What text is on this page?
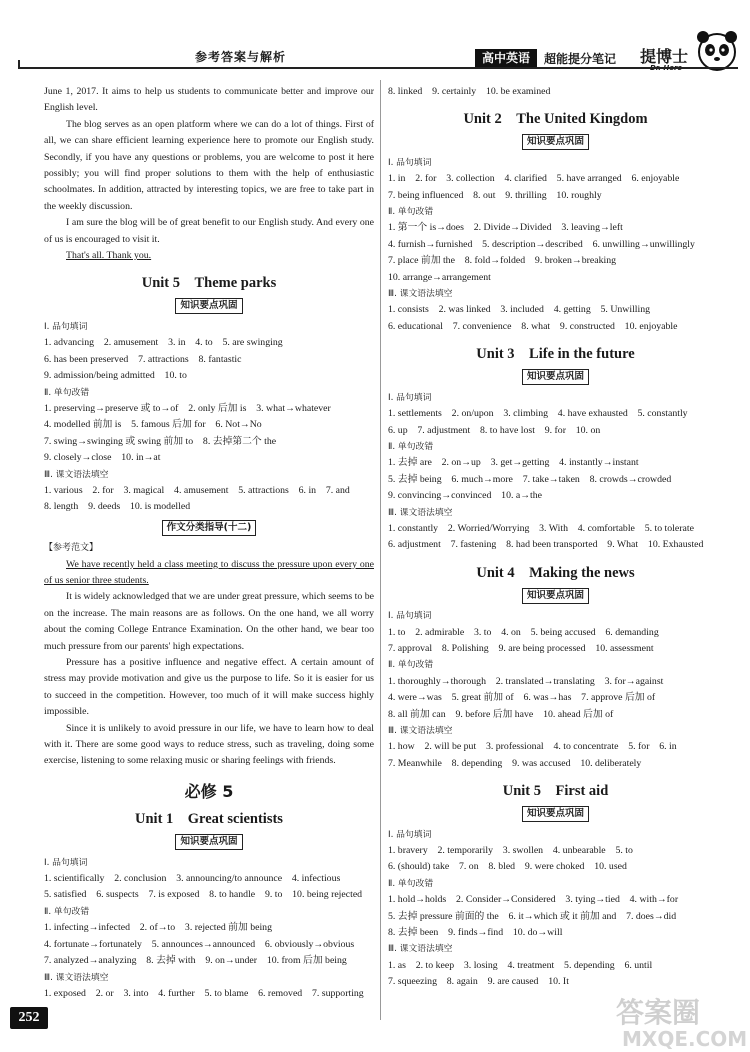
参考答案与解析	高中英语	超能提分笔记 提博士

June 1, 2017. It aims to help us students to communicate better and improve our English level.

The blog serves as an open platform where we can do a lot of things. First of all, we can share efficient learning experience here to promote our English study. Secondly, if you have any questions or problems, you are welcome to post it here possibly; you will find proper solutions to them with the help of enthusiastic schoolmates. In addition, attracted by interesting topics, we are free to take part in the weekly discussion.

I am sure the blog will be of great benefit to our English study. And every one of us is encouraged to visit it.

That's all. Thank you.

Unit 5　Theme parks
知识要点巩固
Ⅰ. 品句填词
1. advancing　2. amusement　3. in　4. to　5. are swinging
6. has been preserved　7. attractions　8. fantastic
9. admission/being admitted　10. to
Ⅱ. 单句改错
1. preserving→preserve 或 to→of　2. only 后加 is　3. what→whatever
4. modelled 前加 is　5. famous 后加 for　6. Not→No
7. swing→swinging 或 swing 前加 to　8. 去掉第二个 the
9. closely→close　10. in→at
Ⅲ. 课文语法填空
1. various　2. for　3. magical　4. amusement　5. attractions　6. in　7. and
8. length　9. deeds　10. is modelled
作文分类指导(十二)
【参考范文】

We have recently held a class meeting to discuss the pressure upon every one of us senior three students.

It is widely acknowledged that we are under great pressure, which seems to be on the increase. The main reasons are as follows. On the one hand, we all worry about the coming College Entrance Examination. On the other hand, we bear too much pressure from our parents' high expectations.

Pressure has a positive influence and negative effect. A certain amount of stress may provide motivation and give us the purpose to life. So it is easier for us to succeed in the competition. However, too much of it will make success highly impossible.

Since it is unlikely to avoid pressure in our life, we have to learn how to deal with it. There are some good ways to reduce stress, such as traveling, doing some exercise, listening to some relaxing music or sharing feelings with friends.

必修 5
Unit 1　Great scientists
知识要点巩固
Ⅰ. 品句填词
1. scientifically　2. conclusion　3. announcing/to announce　4. infectious
5. satisfied　6. suspects　7. is exposed　8. to handle　9. to　10. being rejected
Ⅱ. 单句改错
1. infecting→infected　2. of→to　3. rejected 前加 being
4. fortunate→fortunately　5. announces→announced　6. obviously→obvious
7. analyzed→analyzing　8. 去掉 with　9. on→under　10. from 后加 being
Ⅲ. 课文语法填空
1. exposed　2. or　3. into　4. further　5. to blame　6. removed　7. supporting
8. linked　9. certainly　10. be examined
Unit 2　The United Kingdom
知识要点巩固
Ⅰ. 品句填词
1. in　2. for　3. collection　4. clarified　5. have arranged　6. enjoyable
7. being influenced　8. out　9. thrilling　10. roughly
Ⅱ. 单句改错
1. 第一个 is→does　2. Divide→Divided　3. leaving→left
4. furnish→furnished　5. description→described　6. unwilling→unwillingly
7. place 前加 the　8. fold→folded　9. broken→breaking
10. arrange→arrangement
Ⅲ. 课文语法填空
1. consists　2. was linked　3. included　4. getting　5. Unwilling
6. educational　7. convenience　8. what　9. constructed　10. enjoyable
Unit 3　Life in the future
知识要点巩固
Ⅰ. 品句填词
1. settlements　2. on/upon　3. climbing　4. have exhausted　5. constantly
6. up　7. adjustment　8. to have lost　9. for　10. on
Ⅱ. 单句改错
1. 去掉 are　2. on→up　3. get→getting　4. instantly→instant
5. 去掉 being　6. much→more　7. take→taken　8. crowds→crowded
9. convincing→convinced　10. a→the
Ⅲ. 课文语法填空
1. constantly　2. Worried/Worrying　3. With　4. comfortable　5. to tolerate
6. adjustment　7. fastening　8. had been transported　9. What　10. Exhausted
Unit 4　Making the news
知识要点巩固
Ⅰ. 品句填词
1. to　2. admirable　3. to　4. on　5. being accused　6. demanding
7. approval　8. Polishing　9. are being processed　10. assessment
Ⅱ. 单句改错
1. thoroughly→thorough　2. translated→translating　3. for→against
4. were→was　5. great 前加 of　6. was→has　7. approve 后加 of
8. all 前加 can　9. before 后加 have　10. ahead 后加 of
Ⅲ. 课文语法填空
1. how　2. will be put　3. professional　4. to concentrate　5. for　6. in
7. Meanwhile　8. depending　9. was accused　10. deliberately
Unit 5　First aid
知识要点巩固
Ⅰ. 品句填词
1. bravery　2. temporarily　3. swollen　4. unbearable　5. to
6. (should) take　7. on　8. bled　9. were choked　10. used
Ⅱ. 单句改错
1. hold→holds　2. Consider→Considered　3. tying→tied　4. with→for
5. 去掉 pressure 前面的 the　6. it→which 或 it 前加 and　7. does→did
8. 去掉 been　9. finds→find　10. do→will
Ⅲ. 课文语法填空
1. as　2. to keep　3. losing　4. treatment　5. depending　6. until
7. squeezing　8. again　9. are caused　10. It
252	答案圈
MXQE.COM
